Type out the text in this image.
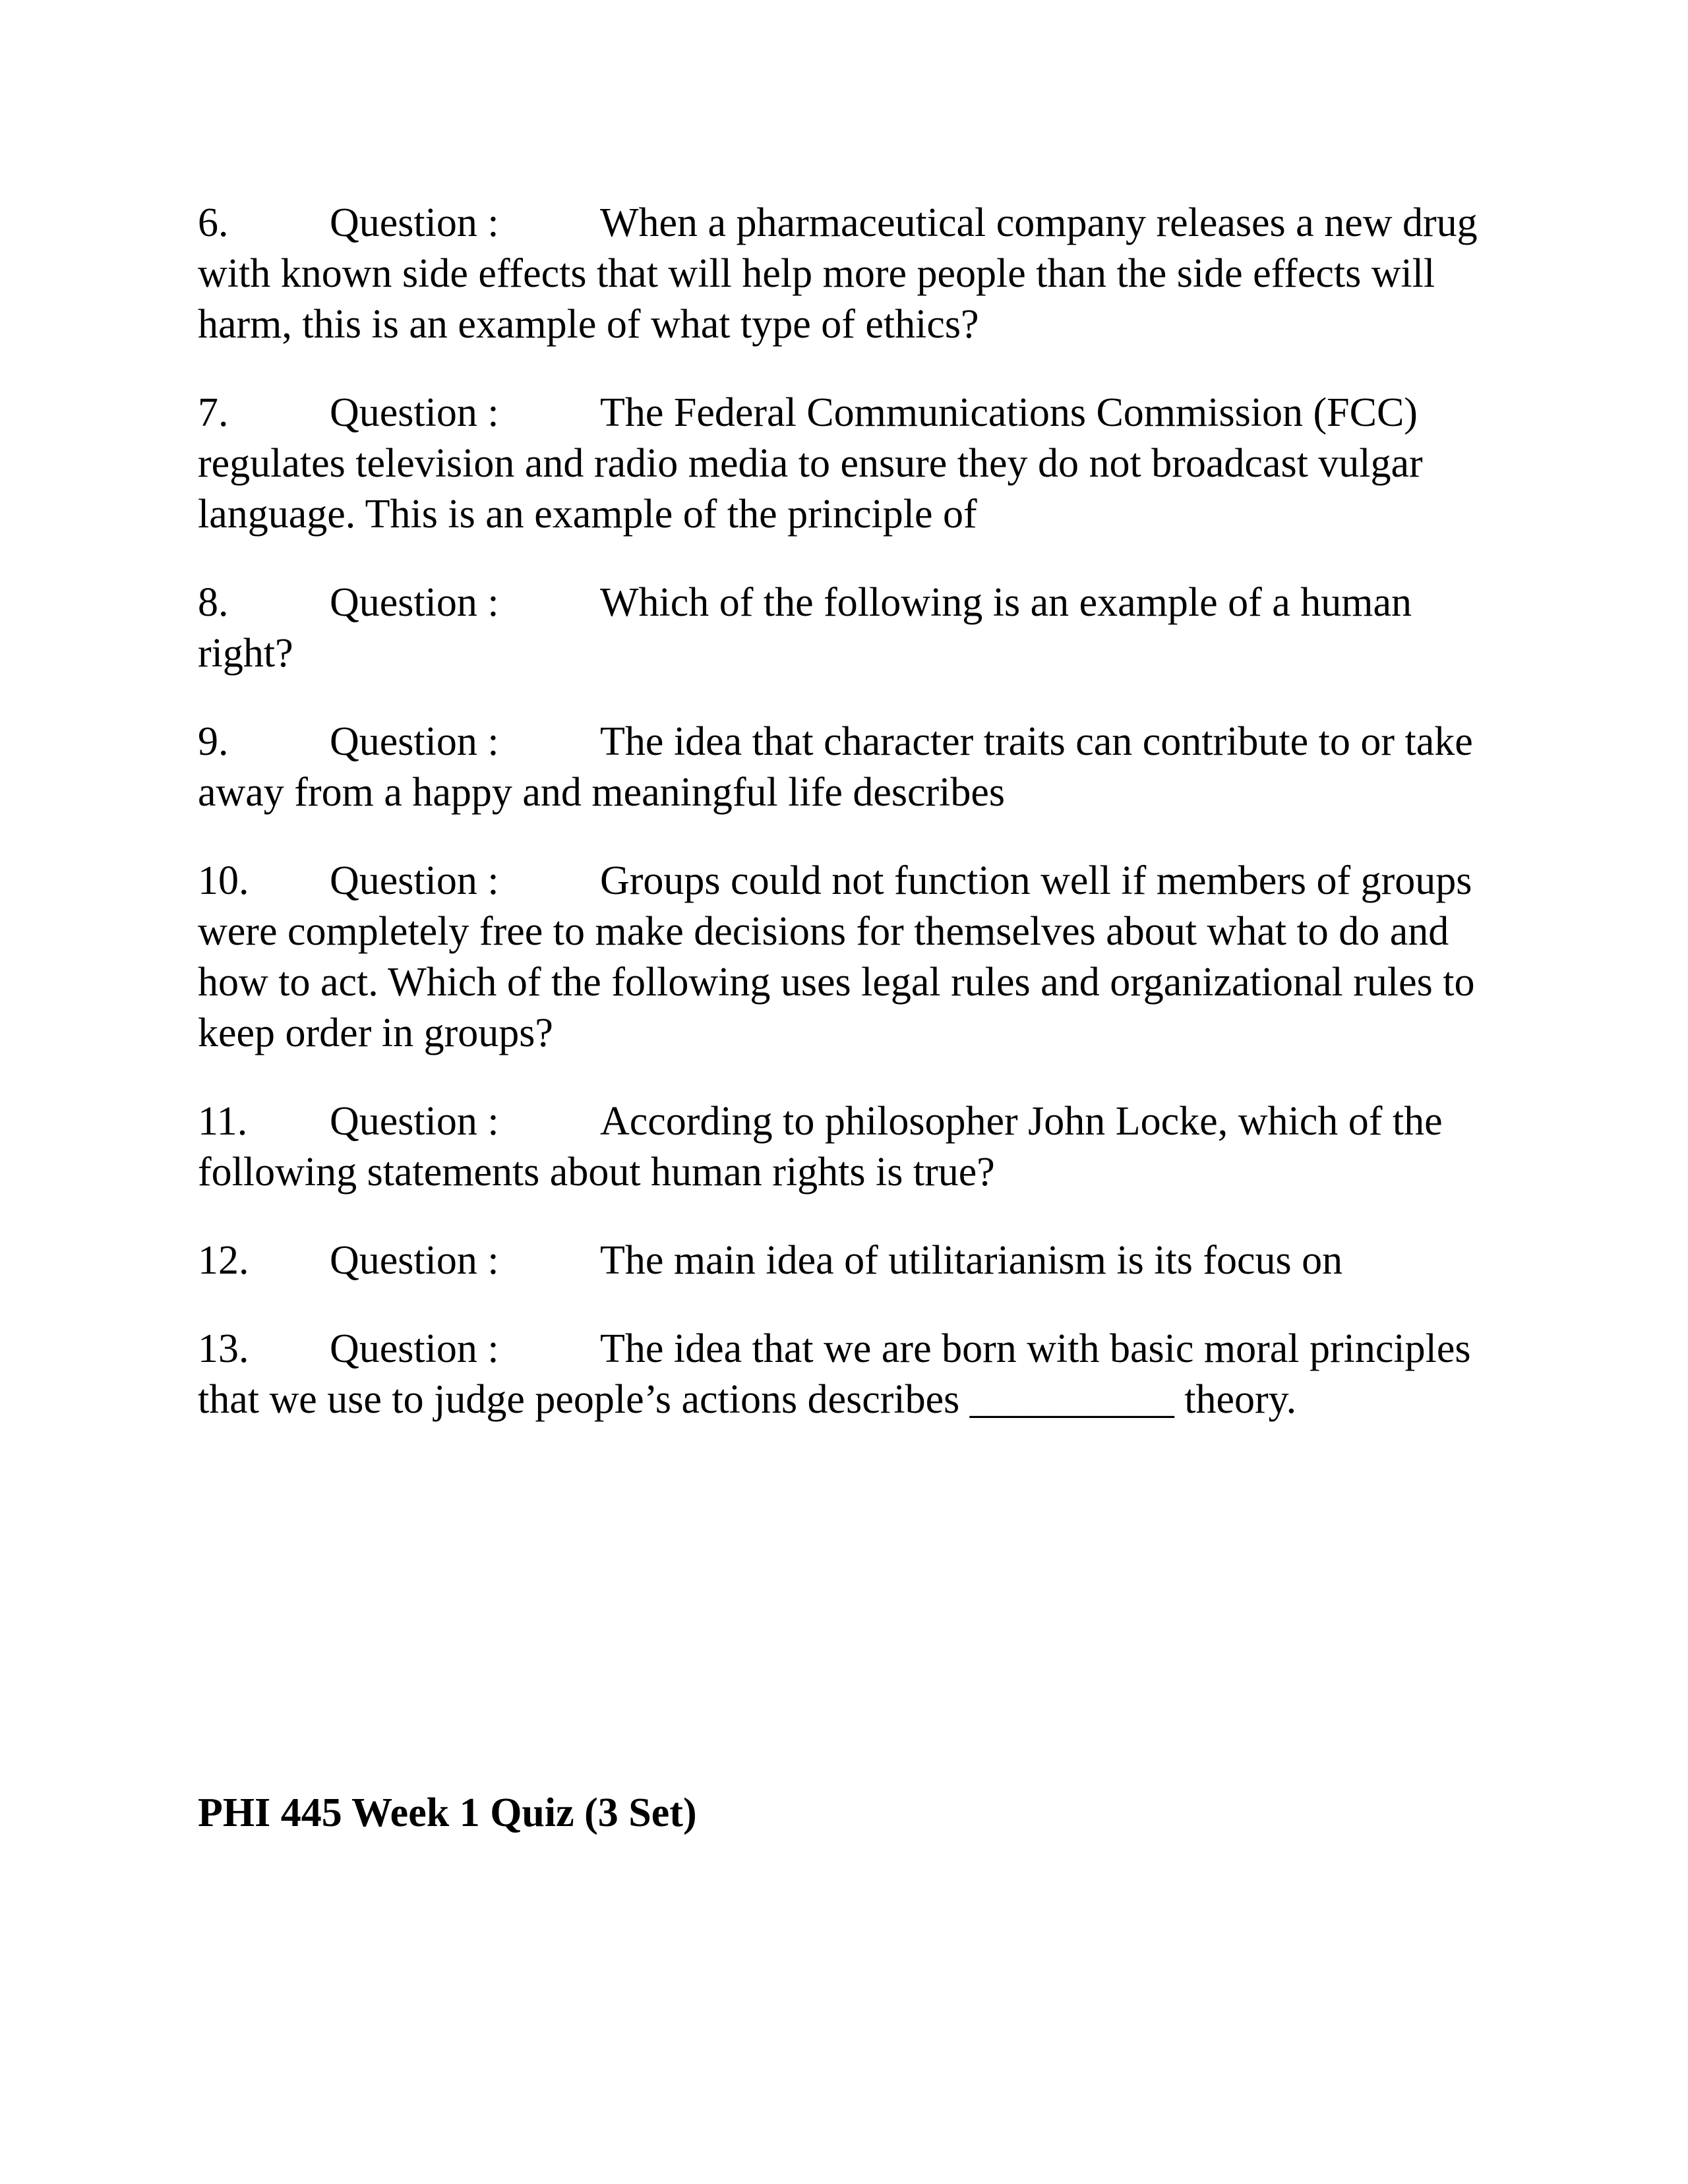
6. Question : When a pharmaceutical company releases a new drug with known side effects that will help more people than the side effects will harm, this is an example of what type of ethics?

7. Question : The Federal Communications Commission (FCC) regulates television and radio media to ensure they do not broadcast vulgar language. This is an example of the principle of

8. Question : Which of the following is an example of a human right?

9. Question : The idea that character traits can contribute to or take away from a happy and meaningful life describes

10. Question : Groups could not function well if members of groups were completely free to make decisions for themselves about what to do and how to act. Which of the following uses legal rules and organizational rules to keep order in groups?

11. Question : According to philosopher John Locke, which of the following statements about human rights is true?

12. Question : The main idea of utilitarianism is its focus on

13. Question : The idea that we are born with basic moral principles that we use to judge people’s actions describes __________ theory.

PHI 445 Week 1 Quiz (3 Set)
